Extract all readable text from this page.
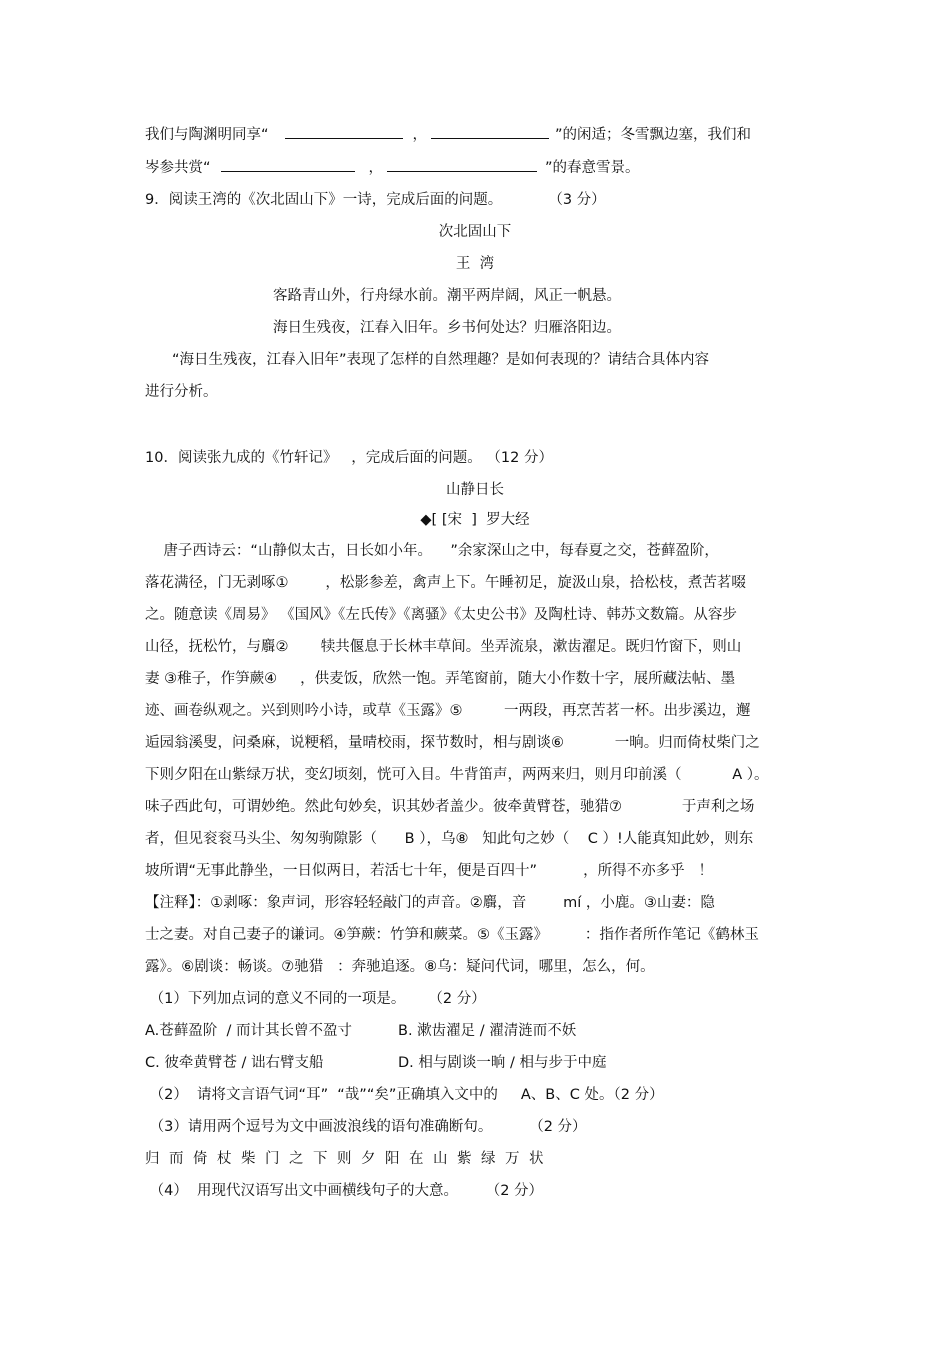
我们与陶渊明同享“	，	”的闲适；冬雪飘边塞，我们和
岑参共赏“	，	”的春意雪景。
9．阅读王湾的《次北固山下》一诗，完成后面的问题。          （3 分）
次北固山下
王  湾
客路青山外，行舟绿水前。潮平两岸阔，风正一帆悬。
海日生残夜，江春入旧年。乡书何处达？归雁洛阳边。
“海日生残夜，江春入旧年”表现了怎样的自然理趣？是如何表现的？请结合具体内容
进行分析。
10．阅读张九成的《竹轩记》   ，完成后面的问题。 （12 分）
山静日长
◆[ [宋  ]  罗大经
唐子西诗云：“山静似太古，日长如小年。    ”余家深山之中，每春夏之交，苍藓盈阶，
落花满径，门无剥啄①        ，松影参差，禽声上下。午睡初足，旋汲山泉，拾松枝，煮苦茗啜
之。随意读《周易》 《国风》《左氏传》《离骚》《太史公书》及陶杜诗、韩苏文数篇。从容步
山径，抚松竹，与麛②       犊共偃息于长林丰草间。坐弄流泉，漱齿濯足。既归竹窗下，则山
妻 ③稚子，作笋蕨④     ，供麦饭，欣然一饱。弄笔窗前，随大小作数十字，展所藏法帖、墨
迹、画卷纵观之。兴到则吟小诗，或草《玉露》⑤         一两段，再烹苦茗一杯。出步溪边，邂
逅园翁溪叟，问桑麻，说粳稻，量晴校雨，探节数时，相与剧谈⑥           一晌。归而倚杖柴门之
下则夕阳在山紫绿万状，变幻顷刻，恍可入目。牛背笛声，两两来归，则月印前溪（           A ）。
味子西此句，可谓妙绝。然此句妙矣，识其妙者盖少。彼牵黄臂苍，驰猎⑦             于声利之场
者，但见衮衮马头尘、匆匆驹隙影（      B ），乌⑧   知此句之妙（    C ）!人能真知此妙，则东
坡所谓“无事此静坐，一日似两日，若活七十年，便是百四十”          ，所得不亦多乎   ！
【注释】：①剥啄：象声词，形容轻轻敲门的声音。②麛，音        mí ，小鹿。③山妻：隐
士之妻。对自己妻子的谦词。④笋蕨：竹笋和蕨菜。⑤《玉露》        ：指作者所作笔记《鹤林玉
露》。⑥剧谈：畅谈。⑦驰猎   ：奔驰追逐。⑧乌：疑问代词，哪里，怎么，何。
（1）下列加点词的意义不同的一项是。     （2 分）
A.苍藓盈阶  / 而计其长曾不盈寸	B. 漱齿濯足 / 濯清涟而不妖
C. 彼牵黄臂苍 / 诎右臂支船	D. 相与剧谈一晌 / 相与步于中庭
（2）  请将文言语气词“耳”  “哉”“矣”正确填入文中的     A、B、C 处。（2 分）
（3）请用两个逗号为文中画波浪线的语句准确断句。        （2 分）
归而倚杖柴门之下则夕阳在山紫绿万状
（4）  用现代汉语写出文中画横线句子的大意。      （2 分）
